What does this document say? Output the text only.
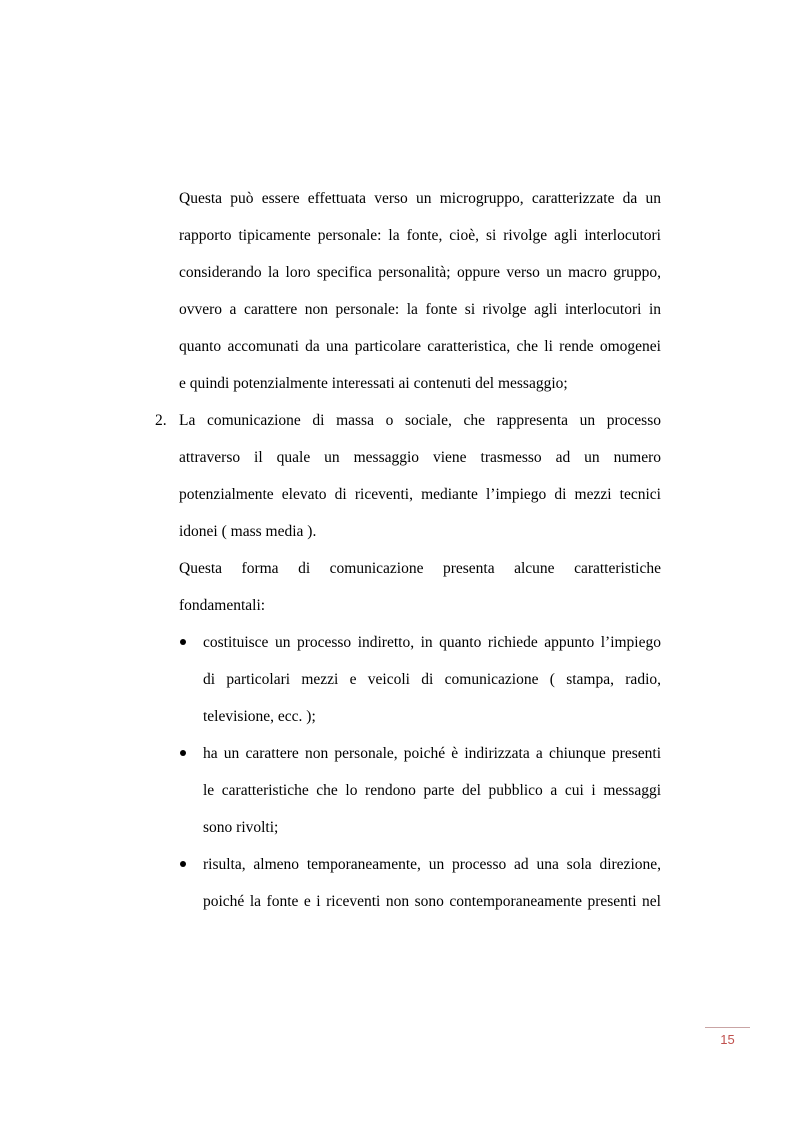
Questa può essere effettuata verso un microgruppo, caratterizzate da un
rapporto tipicamente personale: la fonte, cioè, si rivolge agli interlocutori
considerando la loro specifica personalità; oppure verso un macro gruppo,
ovvero a carattere non personale: la fonte si rivolge agli interlocutori in
quanto accomunati da una particolare caratteristica, che li rende omogenei
e quindi potenzialmente interessati ai contenuti del messaggio;
2. La comunicazione di massa o sociale, che rappresenta un processo
attraverso il quale un messaggio viene trasmesso ad un numero
potenzialmente elevato di riceventi, mediante l’impiego di mezzi tecnici
idonei ( mass media ).
Questa forma di comunicazione presenta alcune caratteristiche
fondamentali:
costituisce un processo indiretto, in quanto richiede appunto l’impiego
di particolari mezzi e veicoli di comunicazione ( stampa, radio,
televisione, ecc. );
ha un carattere non personale, poiché è indirizzata a chiunque presenti
le caratteristiche che lo rendono parte del pubblico a cui i messaggi
sono rivolti;
risulta, almeno temporaneamente, un processo ad una sola direzione,
poiché la fonte e i riceventi non sono contemporaneamente presenti nel
15
